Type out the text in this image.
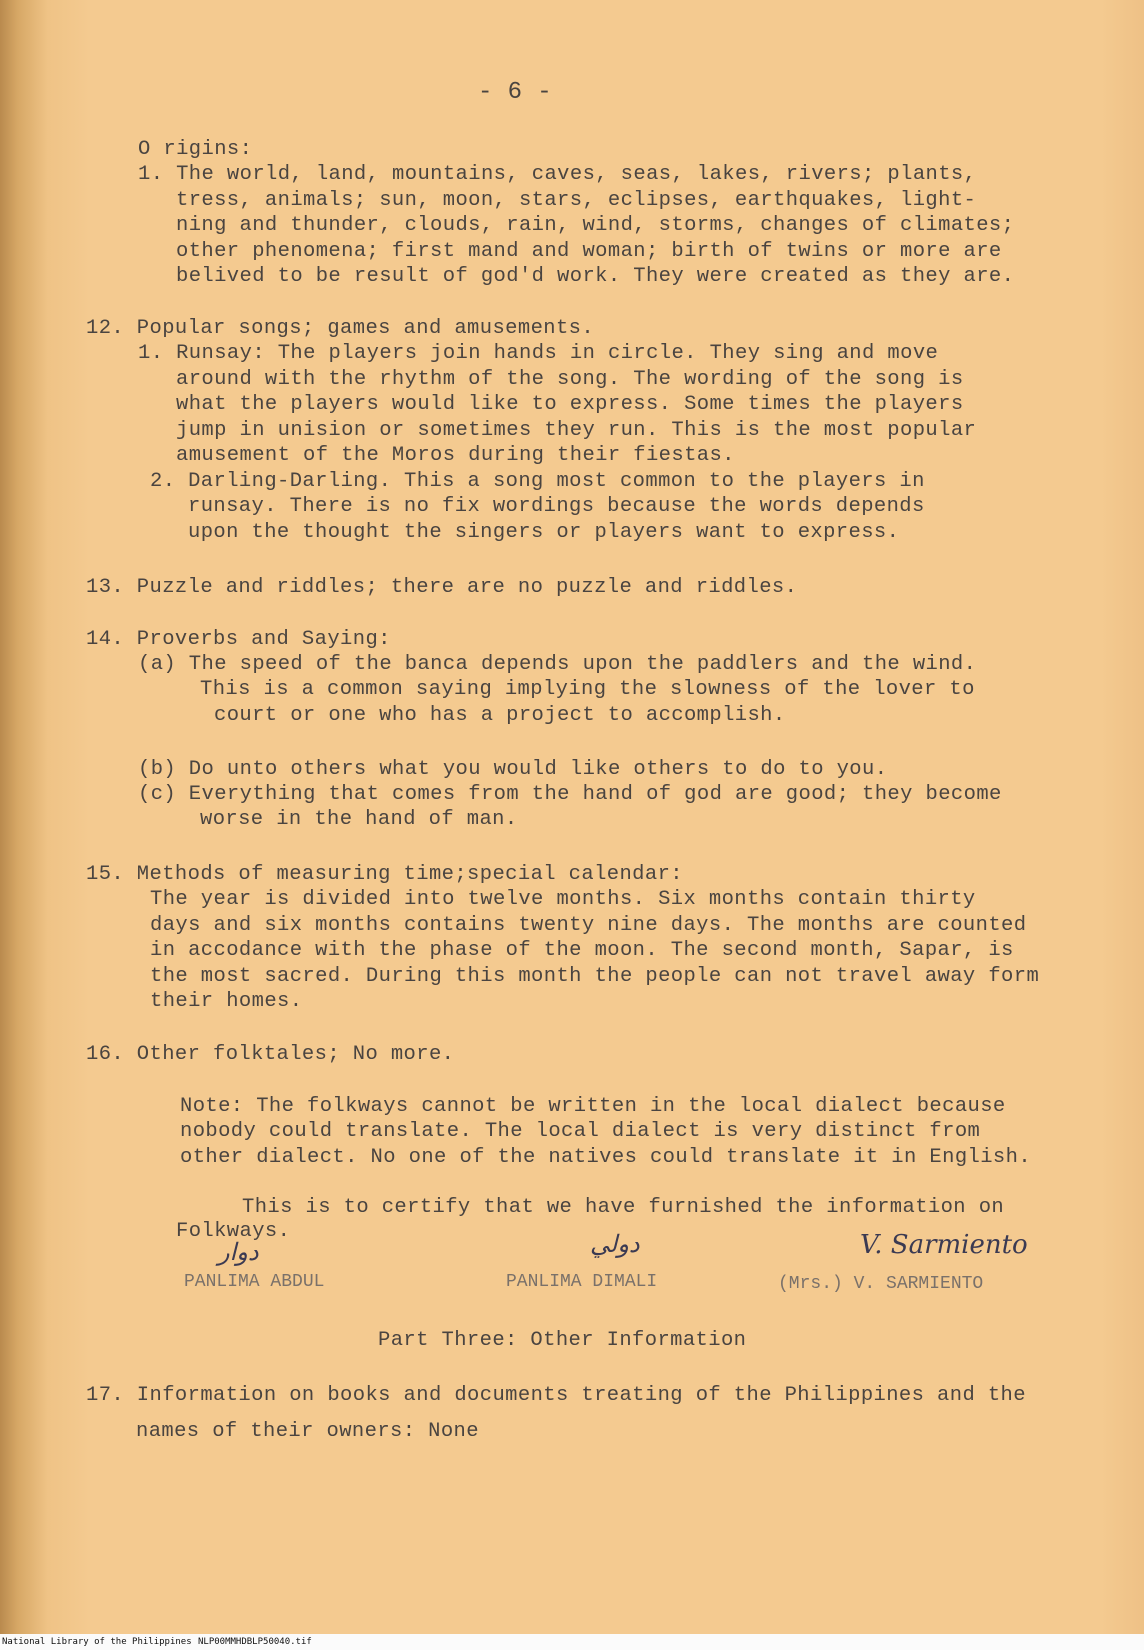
- 6 -
O rigins:
1. The world, land, mountains, caves, seas, lakes, rivers; plants,
tress, animals; sun, moon, stars, eclipses, earthquakes, light-
ning and thunder, clouds, rain, wind, storms, changes of climates;
other phenomena; first mand and woman; birth of twins or more are
belived to be result of god'd work. They were created as they are.
12. Popular songs; games and amusements.
1. Runsay: The players join hands in circle. They sing and move
around with the rhythm of the song. The wording of the song is
what the players would like to express. Some times the players
jump in unision or sometimes they run. This is the most popular
amusement of the Moros during their fiestas.
2. Darling-Darling. This a song most common to the players in
runsay. There is no fix wordings because the words depends
upon the thought the singers or players want to express.
13. Puzzle and riddles; there are no puzzle and riddles.
14. Proverbs and Saying:
(a) The speed of the banca depends upon the paddlers and the wind.
This is a common saying implying the slowness of the lover to
court or one who has a project to accomplish.
(b) Do unto others what you would like others to do to you.
(c) Everything that comes from the hand of god are good; they become
worse in the hand of man.
15. Methods of measuring time;special calendar:
The year is divided into twelve months. Six months contain thirty
days and six months contains twenty nine days. The months are counted
in accodance with the phase of the moon. The second month, Sapar, is
the most sacred. During this month the people can not travel away form
their homes.
16. Other folktales; No more.
Note: The folkways cannot be written in the local dialect because
nobody could translate. The local dialect is very distinct from
other dialect. No one of the natives could translate it in English.
This is to certify that we have furnished the information on
Folkways.
ﺩﻭﺍﺭ
PANLIMA ABDUL
ﺩﻭﻟﻲ
PANLIMA DIMALI
V. Sarmiento
(Mrs.) V. SARMIENTO
Part Three: Other Information
17. Information on books and documents treating of the Philippines and the
names of their owners: None
National Library of the Philippines NLP00MMHDBLP50040.tif
